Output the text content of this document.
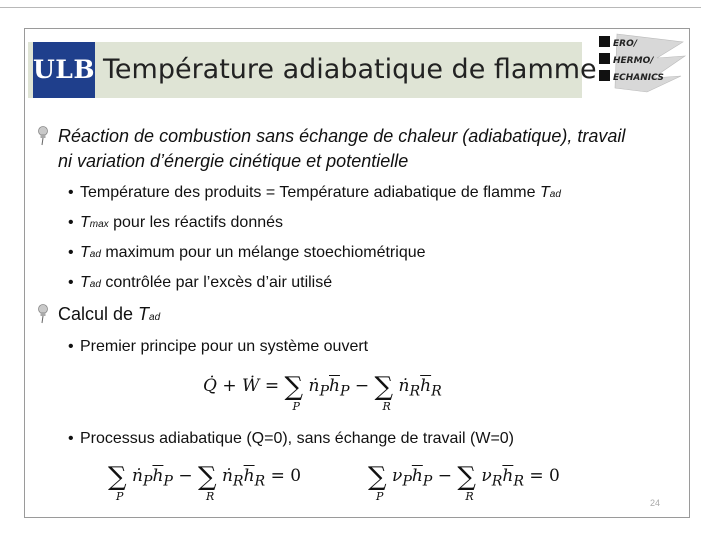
ULB Température adiabatique de flamme
ERO/
HERMO/
ECHANICS
Réaction de combustion sans échange de chaleur (adiabatique), travail
ni variation d’énergie cinétique et potentielle
• Température des produits = Température adiabatique de flamme Tad
• Tmax pour les réactifs donnés
• Tad maximum pour un mélange stoechiométrique
• Tad contrôlée par l’excès d’air utilisé
Calcul de Tad
• Premier principe pour un système ouvert
Q̇ + Ẇ = ∑
P
$ṅ_P\overline{h}_P$ − ∑
R
$ṅ_R\overline{h}_R$
• Processus adiabatique (Q=0), sans échange de travail (W=0)
∑
P
$ṅ_P\overline{h}_P$ − ∑
R
$ṅ_R\overline{h}_R = 0$	∑
P
$\nu_P\overline{h}_P$ − ∑
R
$\nu_R\overline{h}_R = 0$
24
